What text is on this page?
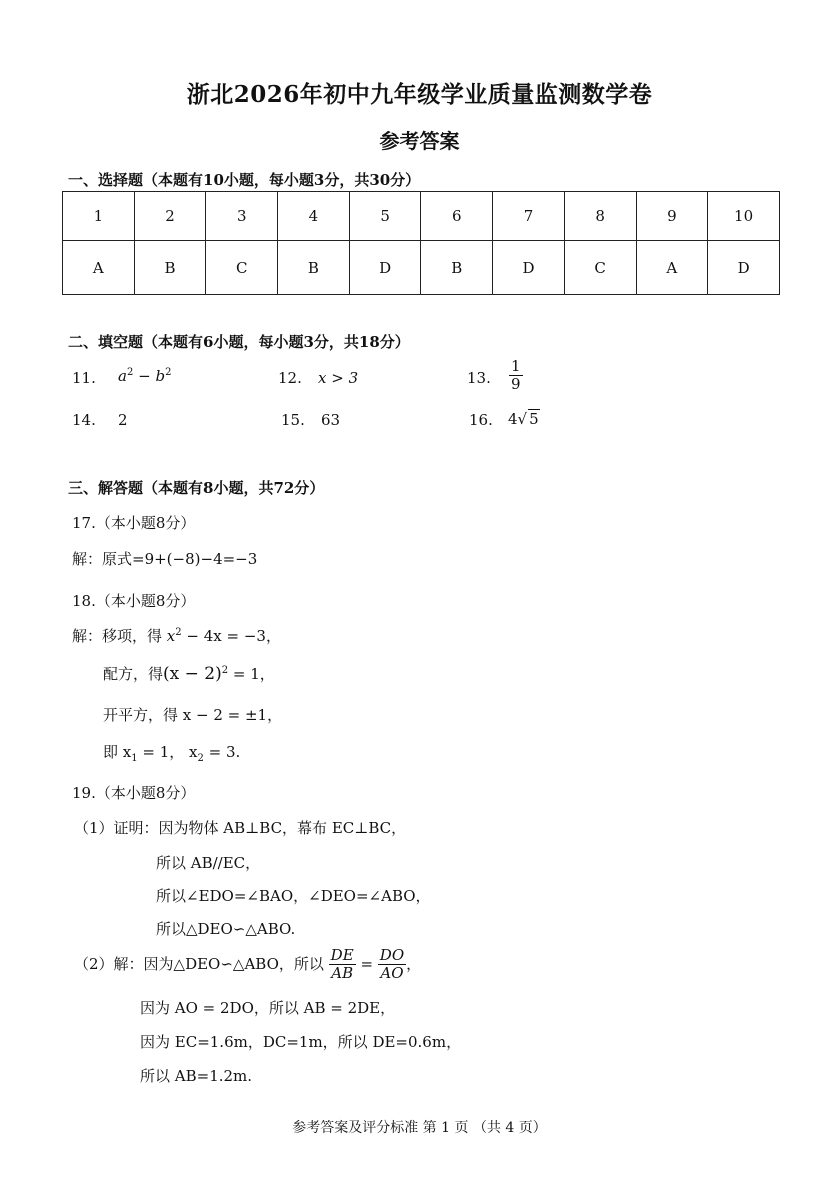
浙北2026年初中九年级学业质量监测数学卷
参考答案
一、选择题（本题有10小题，每小题3分，共30分）
1	2	3	4	5	6	7	8	9	10
A	B	C	B	D	B	D	C	A	D
二、填空题（本题有6小题，每小题3分，共18分）
11. $a^2 - b^2$	12. x > 3	13. $\frac{1}{9}$
14. 2	15. 63	16. 4√ 5
三、解答题（本题有8小题，共72分）
17.（本小题8分）
解：原式=9+(−8)−4=−3
18.（本小题8分）
解：移项，得 $x^2 - 4x = -3$，
配方，得$(x - 2)^2 = 1$，
开平方，得 x − 2 = ±1，
即 $x_1 = 1$， $x_2 = 3$.
19.（本小题8分）
（1）证明：因为物体 AB⊥BC，幕布 EC⊥BC，
所以 AB//EC，
所以∠EDO=∠BAO，∠DEO=∠ABO，
所以△DEO∽△ABO.
（2）解：因为△DEO∽△ABO，所以 $\frac{DE}{AB} = \frac{DO}{AO}$ ，
因为 AO = 2DO，所以 AB = 2DE，
因为 EC=1.6m，DC=1m，所以 DE=0.6m，
所以 AB=1.2m.
参考答案及评分标准 第 1 页 （共 4 页）
